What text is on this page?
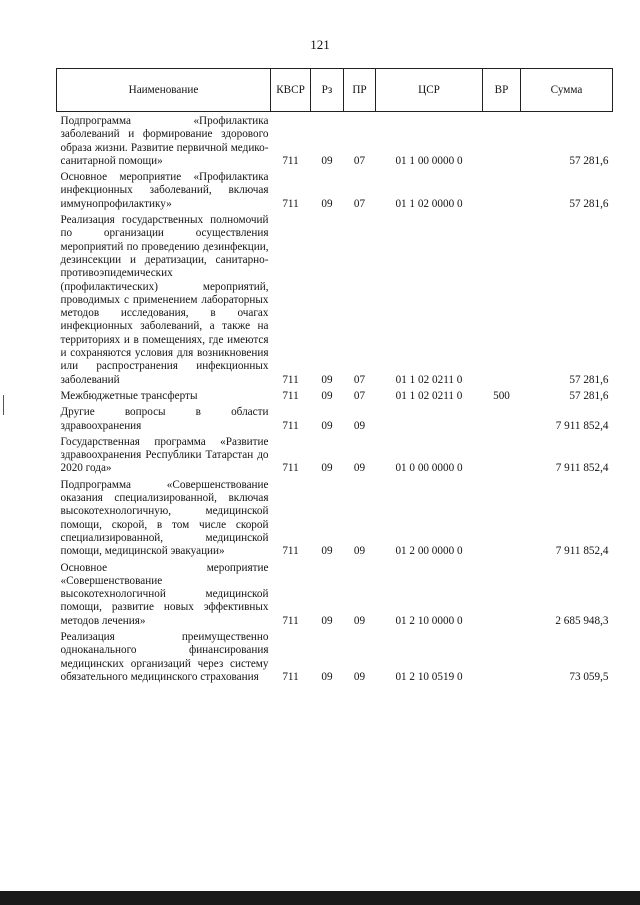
121
Наименование	КВСР	Рз	ПР	ЦСР	ВР	Сумма
Подпрограмма «Профилактика заболеваний и формирование здорового образа жизни. Развитие первичной медико-санитарной помощи»	711	09	07	01 1 00 0000 0		57 281,6
Основное мероприятие «Профилактика инфекционных заболеваний, включая иммунопрофилактику»	711	09	07	01 1 02 0000 0		57 281,6
Реализация государственных полномочий по организации осуществления мероприятий по проведению дезинфекции, дезинсекции и дератизации, санитарно-противоэпидемических (профилактических) мероприятий, проводимых с применением лабораторных методов исследования, в очагах инфекционных заболеваний, а также на территориях и в помещениях, где имеются и сохраняются условия для возникновения или распространения инфекционных заболеваний	711	09	07	01 1 02 0211 0		57 281,6
Межбюджетные трансферты	711	09	07	01 1 02 0211 0	500	57 281,6
Другие вопросы в области здравоохранения	711	09	09			7 911 852,4
Государственная программа «Развитие здравоохранения Республики Татарстан до 2020 года»	711	09	09	01 0 00 0000 0		7 911 852,4
Подпрограмма «Совершенствование оказания специализированной, включая высокотехнологичную, медицинской помощи, скорой, в том числе скорой специализированной, медицинской помощи, медицинской эвакуации»	711	09	09	01 2 00 0000 0		7 911 852,4
Основное мероприятие «Совершенствование высокотехнологичной медицинской помощи, развитие новых эффективных методов лечения»	711	09	09	01 2 10 0000 0		2 685 948,3
Реализация преимущественно одноканального финансирования медицинских организаций через систему обязательного медицинского страхования	711	09	09	01 2 10 0519 0		73 059,5
